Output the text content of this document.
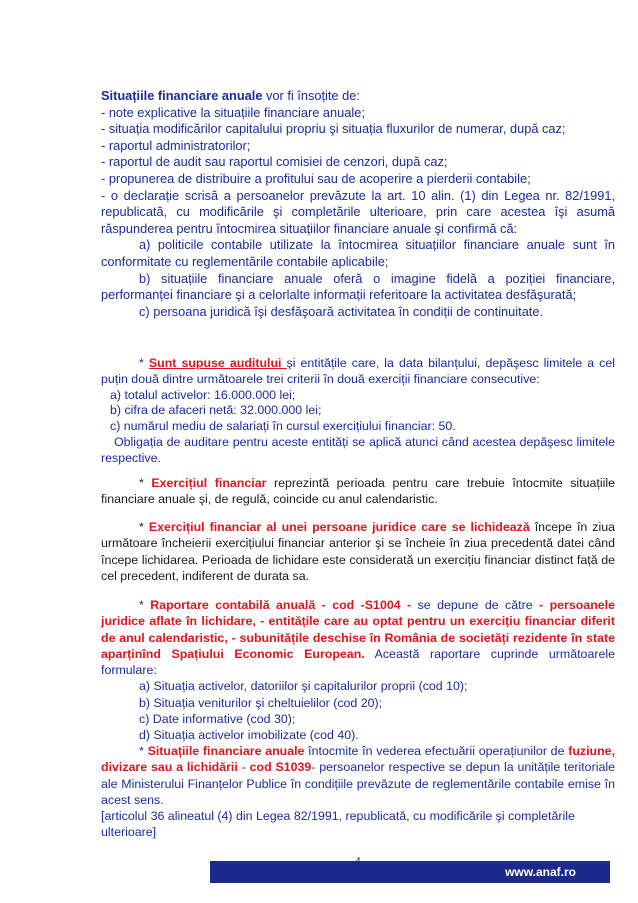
Situațiile financiare anuale vor fi însoțite de:
- note explicative la situațiile financiare anuale;
- situația modificărilor capitalului propriu şi situația fluxurilor de numerar, după caz;
- raportul administratorilor;
- raportul de audit sau raportul comisiei de cenzori, după caz;
- propunerea de distribuire a profitului sau de acoperire a pierderii contabile;

- o declarație scrisă a persoanelor prevăzute la art. 10 alin. (1) din Legea nr. 82/1991, republicată, cu modificările şi completările ulterioare, prin care acestea îşi asumă răspunderea pentru întocmirea situațiilor financiare anuale şi confirmă că:

a) politicile contabile utilizate la întocmirea situațiilor financiare anuale sunt în conformitate cu reglementările contabile aplicabile;

b) situațiile financiare anuale oferă o imagine fidelă a poziției financiare, performanței financiare şi a celorlalte informații referitoare la activitatea desfăşurată;

c) persoana juridică îşi desfăşoară activitatea în condiții de continuitate.

* Sunt supuse auditului şi entitățile care, la data bilanțului, depăşesc limitele a cel puțin două dintre următoarele trei criterii în două exerciții financiare consecutive:

a) totalul activelor: 16.000.000 lei;
b) cifra de afaceri netă: 32.000.000 lei;
c) numărul mediu de salariați în cursul exercițiului financiar: 50.

Obligația de auditare pentru aceste entități se aplică atunci când acestea depăşesc limitele respective.

* Exercițiul financiar reprezintă perioada pentru care trebuie întocmite situațiile financiare anuale şi, de regulă, coincide cu anul calendaristic.

* Exercițiul financiar al unei persoane juridice care se lichidează începe în ziua următoare încheierii exercițiului financiar anterior şi se încheie în ziua precedentă datei când începe lichidarea. Perioada de lichidare este considerată un exercițiu financiar distinct față de cel precedent, indiferent de durata sa.

* Raportare contabilă anuală - cod -S1004 - se depune de către - persoanele juridice aflate în lichidare, - entitățile care au optat pentru un exercițiu financiar diferit de anul calendaristic, - subunitățile deschise în România de societăți rezidente în state aparținînd Spațiului Economic European. Această raportare cuprinde următoarele formulare:

a) Situația activelor, datoriilor şi capitalurilor proprii (cod 10);
b) Situația veniturilor şi cheltuielilor (cod 20);
c) Date informative (cod 30);
d) Situația activelor imobilizate (cod 40).

* Situațiile financiare anuale întocmite în vederea efectuării operațiunilor de fuziune, divizare sau a lichidării - cod S1039- persoanelor respective se depun la unitățile teritoriale ale Ministerului Finanțelor Publice în condițiile prevăzute de reglementările contabile emise în acest sens.

[articolul 36 alineatul (4) din Legea 82/1991, republicată, cu modificările şi completările ulterioare]

www.anaf.ro
